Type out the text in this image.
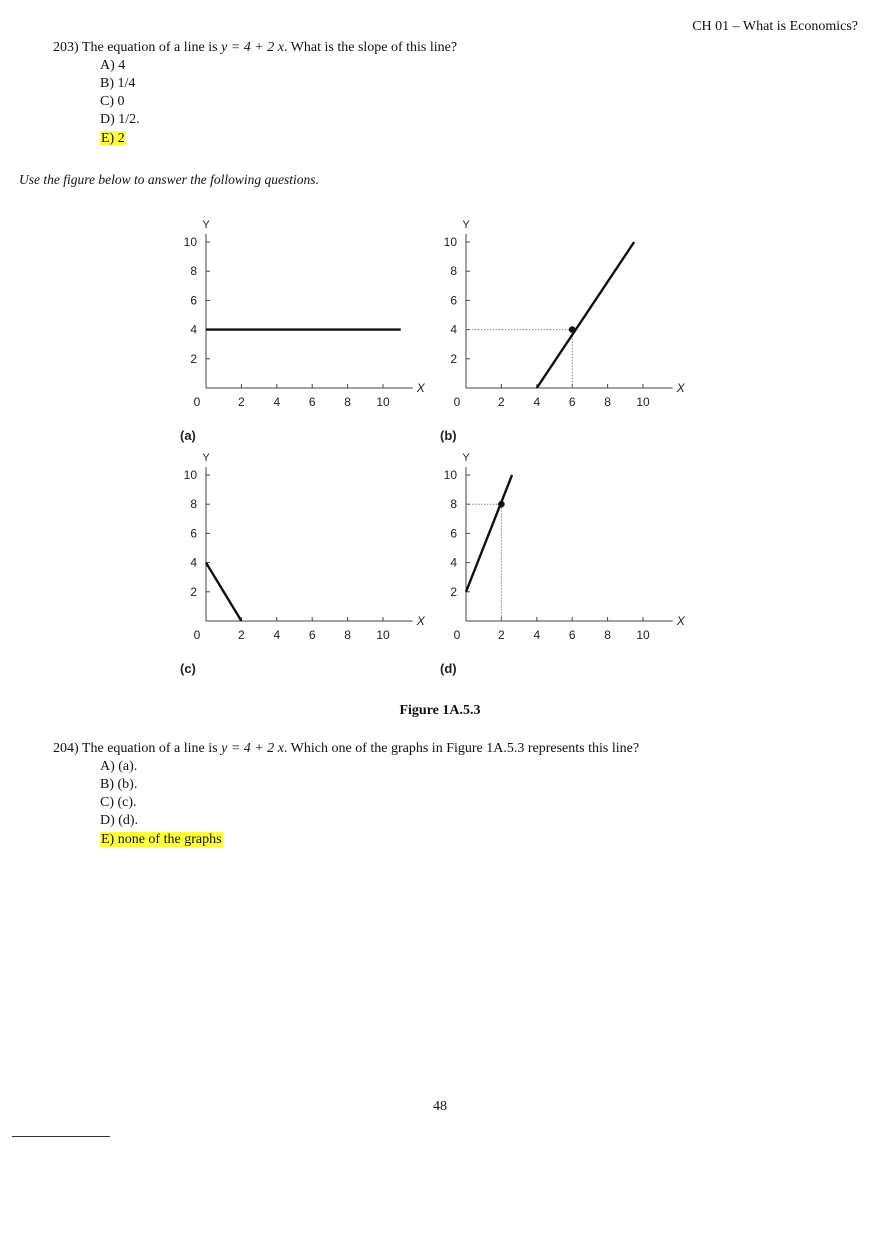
CH 01 – What is Economics?
203) The equation of a line is y = 4 + 2 x. What is the slope of this line?
A) 4
B) 1/4
C) 0
D) 1/2.
E) 2
Use the figure below to answer the following questions.
Y
X
0	2 4 6 8 10
2
4
6
8
10
(a)
Y
X
0	2 4 6 8 10
2
4
6
8
10
(b)
Y
X
0	2 4 6 8 10
2
4
6
8
10
(c)
Y
X
0	2 4 6 8 10
2
4
6
8
10
(d)
Figure 1A.5.3
204) The equation of a line is y = 4 + 2 x. Which one of the graphs in Figure 1A.5.3 represents this line?
A) (a).
B) (b).
C) (c).
D) (d).
E) none of the graphs
48
